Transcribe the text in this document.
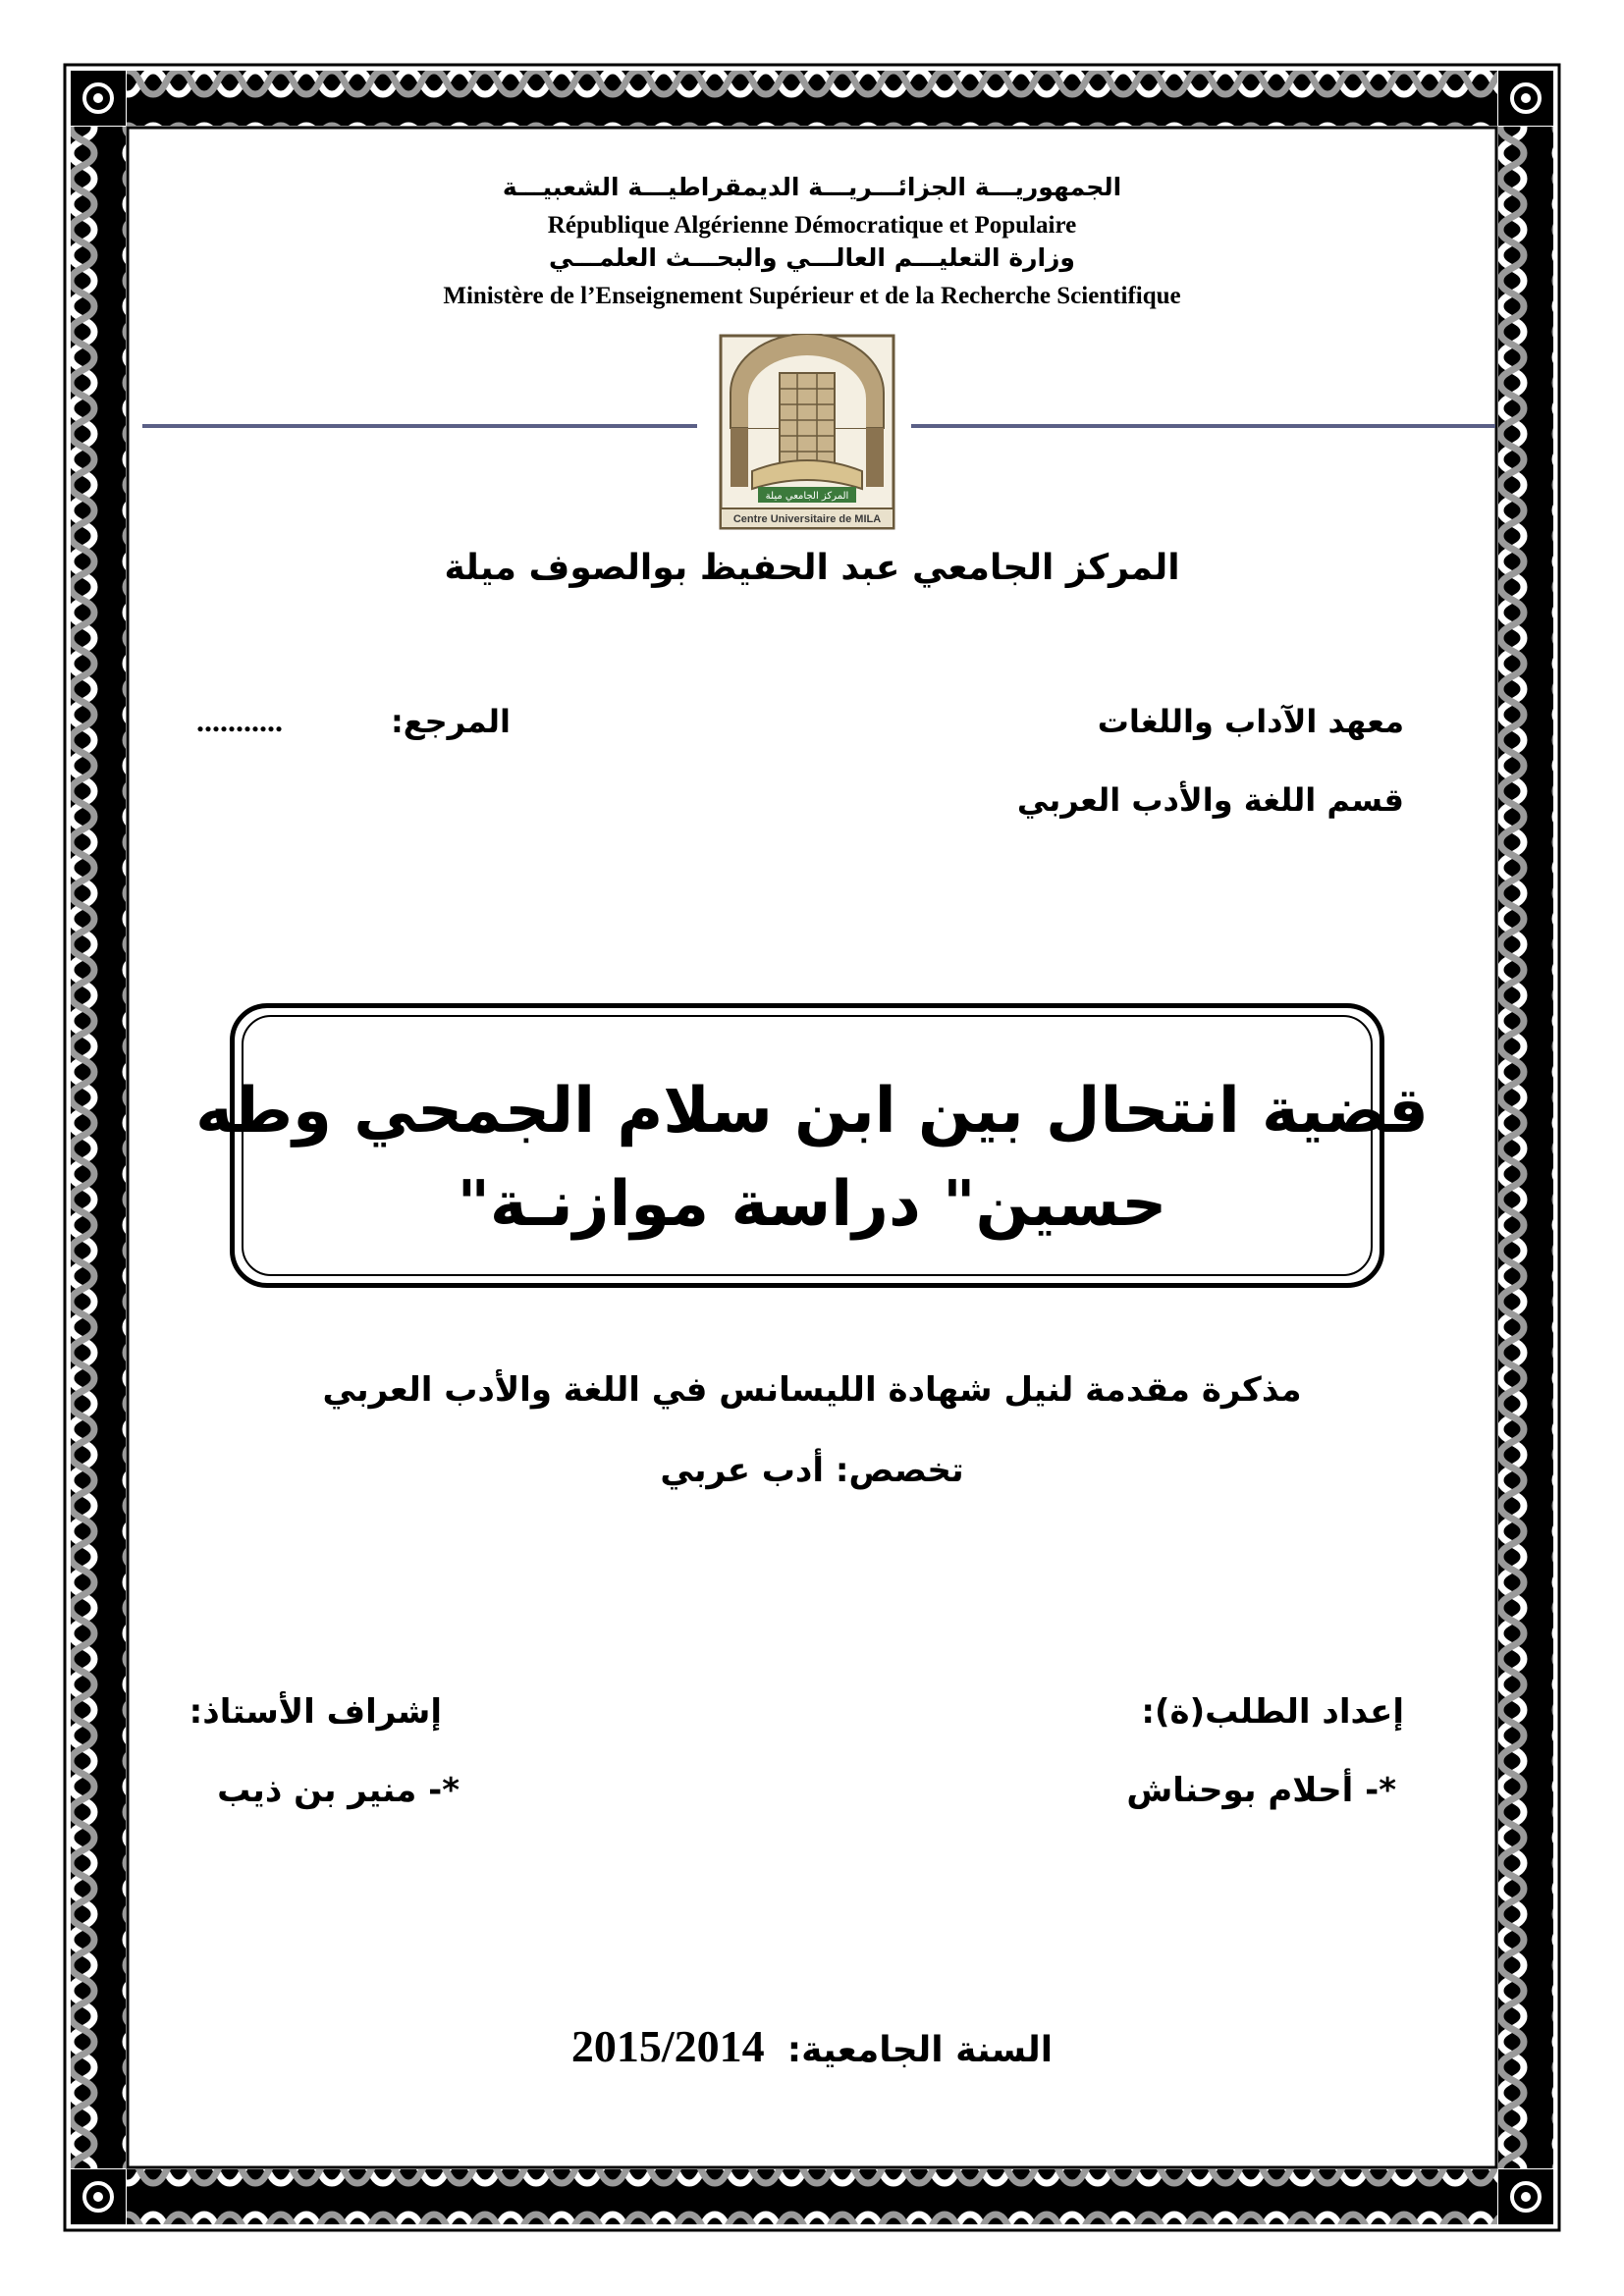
الجمهوريـــة الجزائـــريـــة الديمقراطيـــة الشعبيـــة
République Algérienne Démocratique et Populaire
وزارة التعليـــم العالـــي والبحـــث العلمـــي
Ministère de l’Enseignement Supérieur et de la Recherche Scientifique
المركز الجامعي ميلة
Centre Universitaire de MILA
المركز الجامعي عبد الحفيظ بوالصوف ميلة
معهد الآداب واللغات
قسم اللغة والأدب العربي
المرجع:
...........
قضية انتحال بين ابن سلام الجمحي وطه
حسين" دراسة موازنـة"
مذكرة مقدمة لنيل شهادة الليسانس في اللغة والأدب العربي
تخصص: أدب عربي
إعداد الطلب(ة):
*- أحلام بوحناش
إشراف الأستاذ:
*- منير بن ذيب
2015/2014 السنة الجامعية:
